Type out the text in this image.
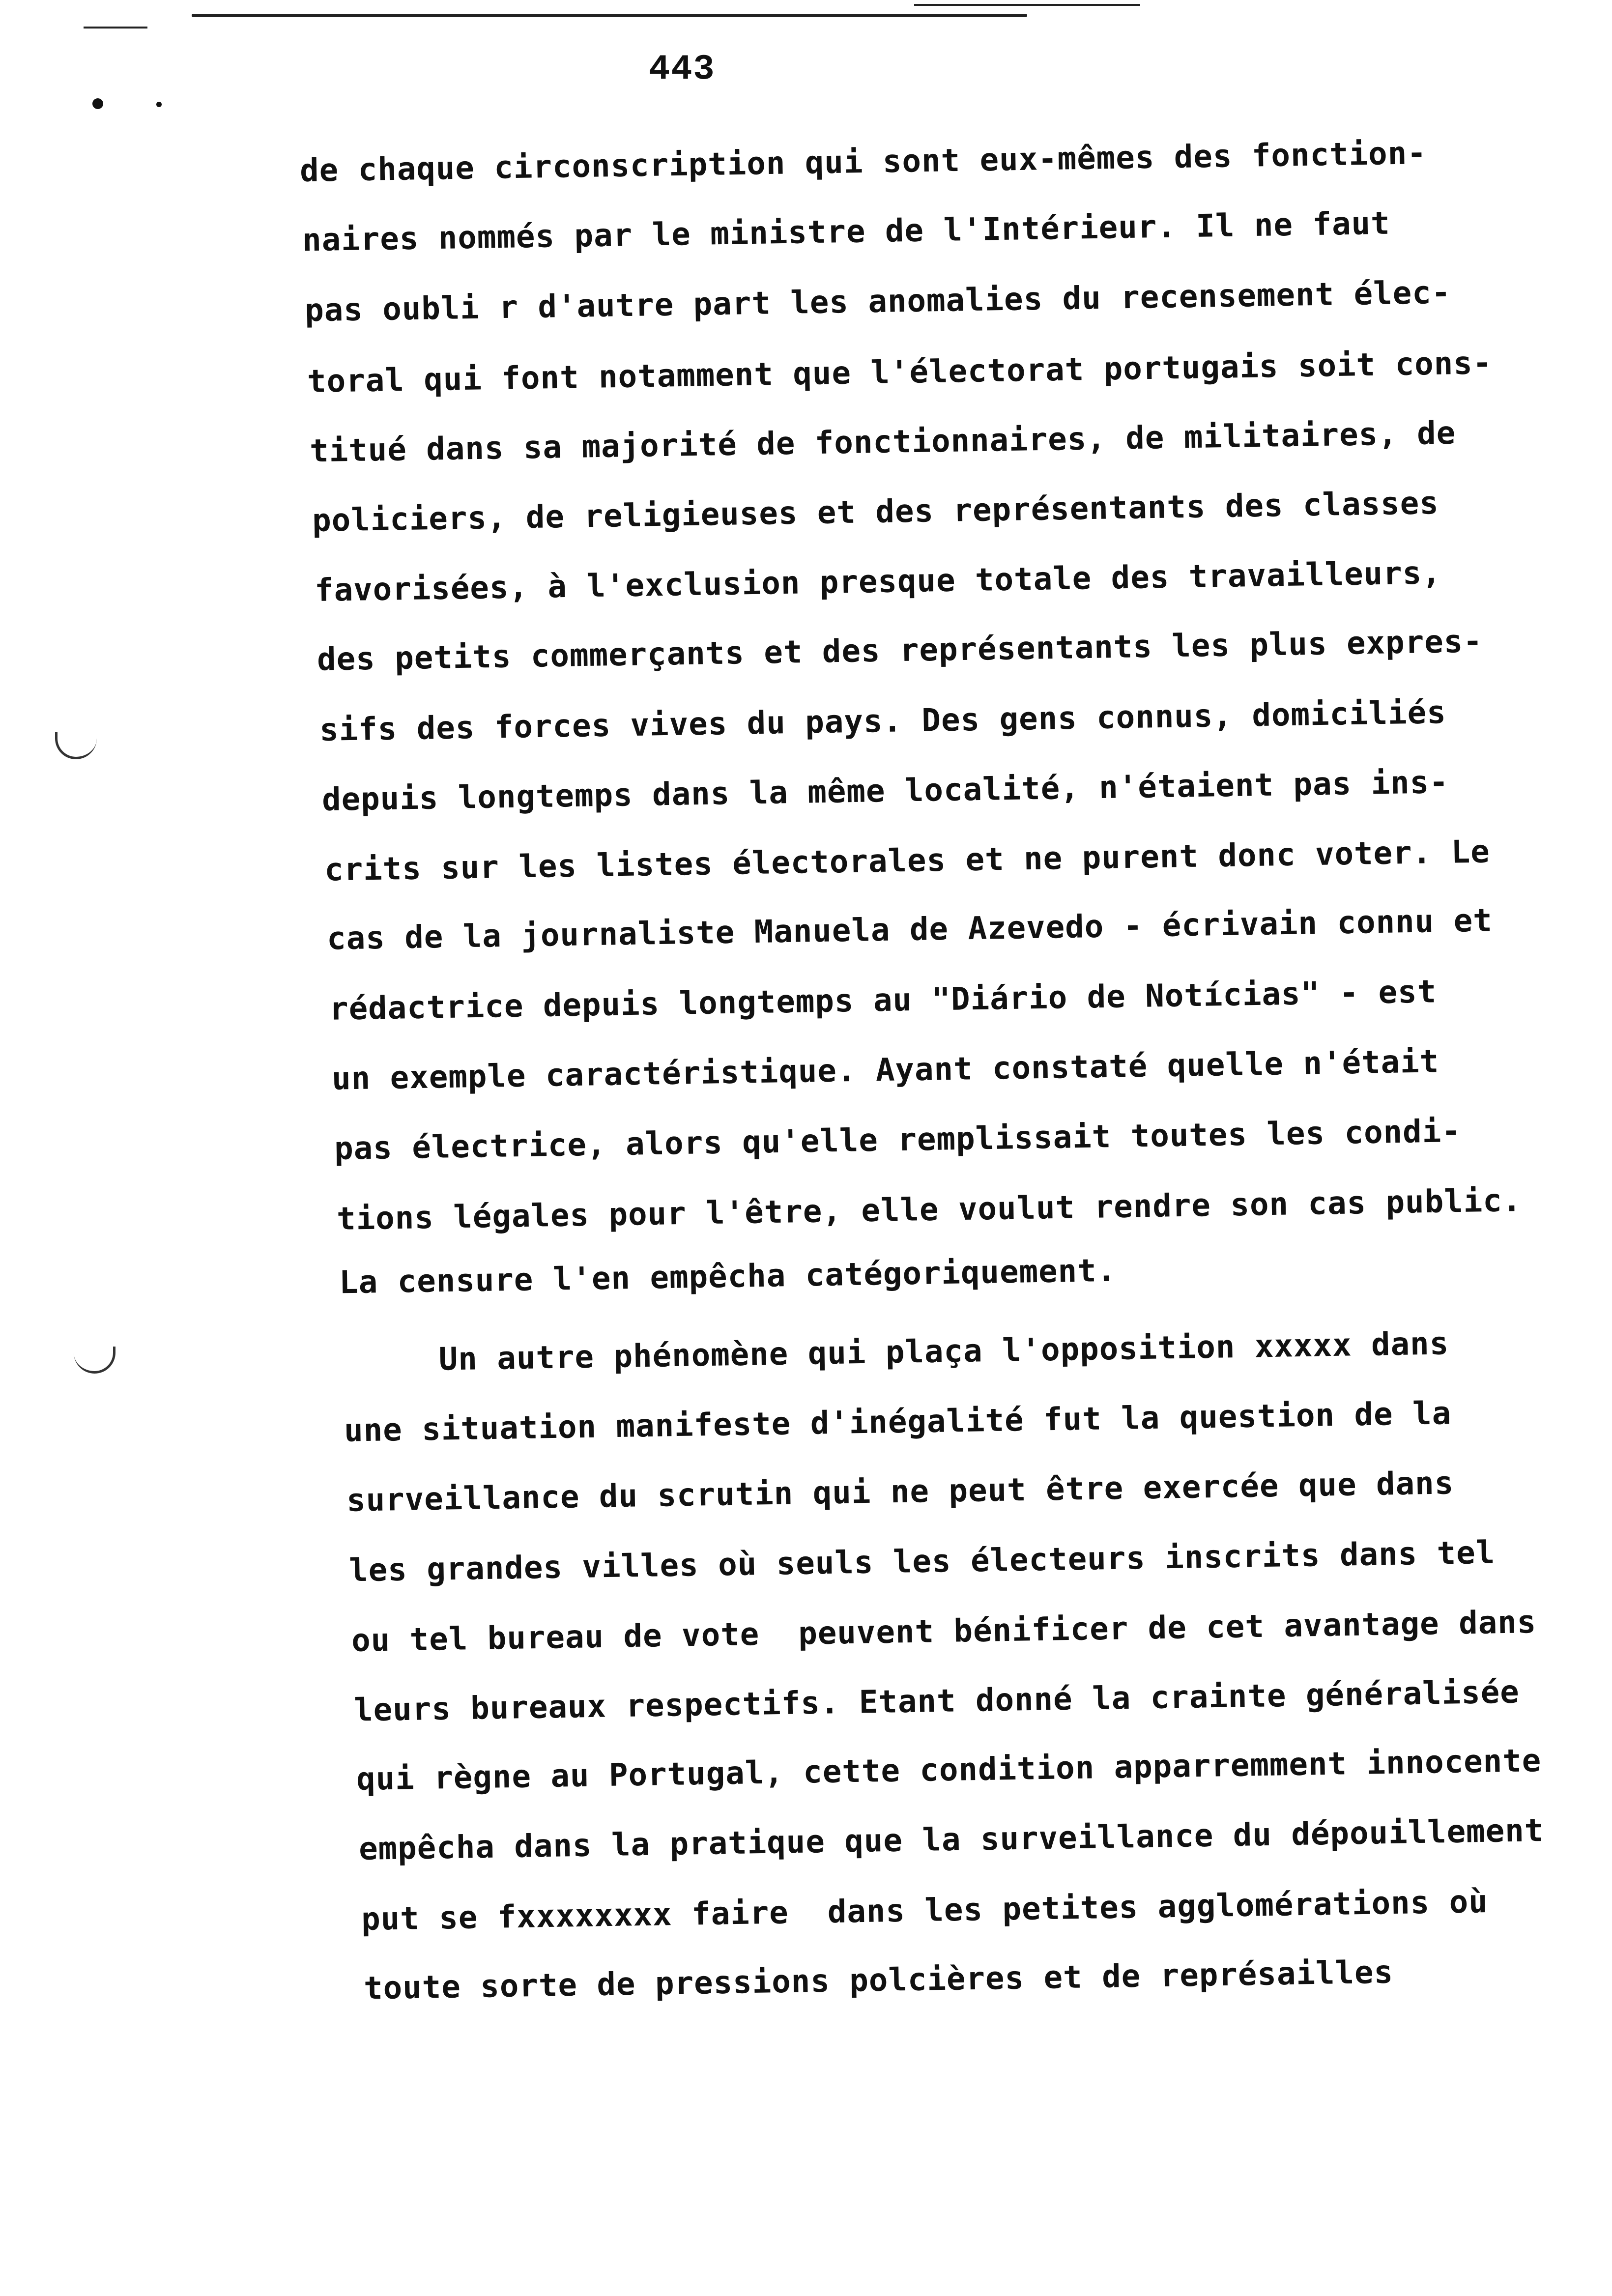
443
de chaque circonscription qui sont eux-mêmes des fonction-
naires nommés par le ministre de l'Intérieur. Il ne faut
pas oubli r d'autre part les anomalies du recensement élec-
toral qui font notamment que l'électorat portugais soit cons-
titué dans sa majorité de fonctionnaires, de militaires, de
policiers, de religieuses et des représentants des classes
favorisées, à l'exclusion presque totale des travailleurs,
des petits commerçants et des représentants les plus expres-
sifs des forces vives du pays. Des gens connus, domiciliés
depuis longtemps dans la même localité, n'étaient pas ins-
crits sur les listes électorales et ne purent donc voter. Le
cas de la journaliste Manuela de Azevedo - écrivain connu et
rédactrice depuis longtemps au "Diário de Notícias" - est
un exemple caractéristique. Ayant constaté quelle n'était
pas électrice, alors qu'elle remplissait toutes les condi-
tions légales pour l'être, elle voulut rendre son cas public.
La censure l'en empêcha catégoriquement.
Un autre phénomène qui plaça l'opposition xxxxx dans
une situation manifeste d'inégalité fut la question de la
surveillance du scrutin qui ne peut être exercée que dans
les grandes villes où seuls les électeurs inscrits dans tel
ou tel bureau de vote  peuvent bénificer de cet avantage dans
leurs bureaux respectifs. Etant donné la crainte généralisée
qui règne au Portugal, cette condition apparremment innocente
empêcha dans la pratique que la surveillance du dépouillement
put se fxxxxxxxx faire  dans les petites agglomérations où
toute sorte de pressions polcières et de représailles
